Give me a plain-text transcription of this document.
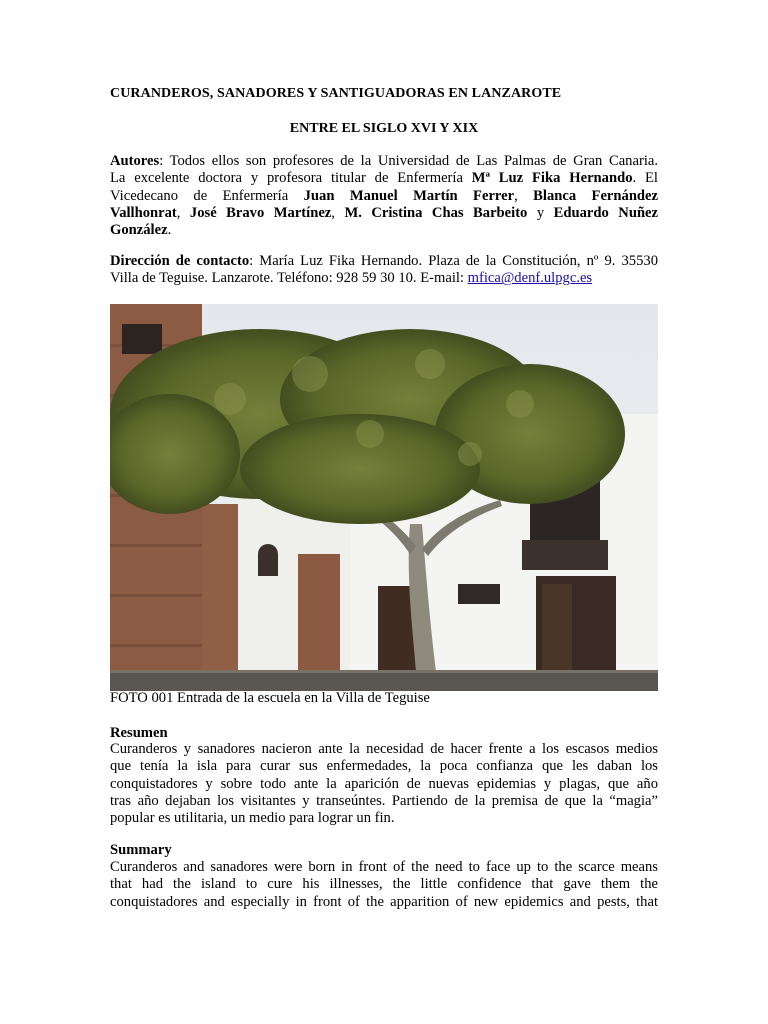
CURANDEROS, SANADORES Y SANTIGUADORAS EN LANZAROTE
ENTRE EL SIGLO XVI Y XIX
Autores: Todos ellos son profesores de la Universidad de Las Palmas de Gran Canaria.
La excelente doctora y profesora titular de Enfermería Mª Luz Fika Hernando. El
Vicedecano de Enfermería Juan Manuel Martín Ferrer, Blanca Fernández
Vallhonrat, José Bravo Martínez, M. Cristina Chas Barbeito y Eduardo Nuñez
González.
Dirección de contacto: María Luz Fika Hernando. Plaza de la Constitución, nº 9. 35530
Villa de Teguise. Lanzarote. Teléfono: 928 59 30 10. E-mail: mfica@denf.ulpgc.es
FOTO 001 Entrada de la escuela en la Villa de Teguise
Resumen
Curanderos y sanadores nacieron ante la necesidad de hacer frente a los escasos medios
que tenía la isla para curar sus enfermedades, la poca confianza que les daban los
conquistadores y sobre todo ante la aparición de nuevas epidemias y plagas, que año
tras año dejaban los visitantes y transeúntes. Partiendo de la premisa de que la “magia”
popular es utilitaria, un medio para lograr un fin.
Summary
Curanderos and sanadores were born in front of the need to face up to the scarce means
that had the island to cure his illnesses, the little confidence that gave them the
conquistadores and especially in front of the apparition of new epidemics and pests, that
